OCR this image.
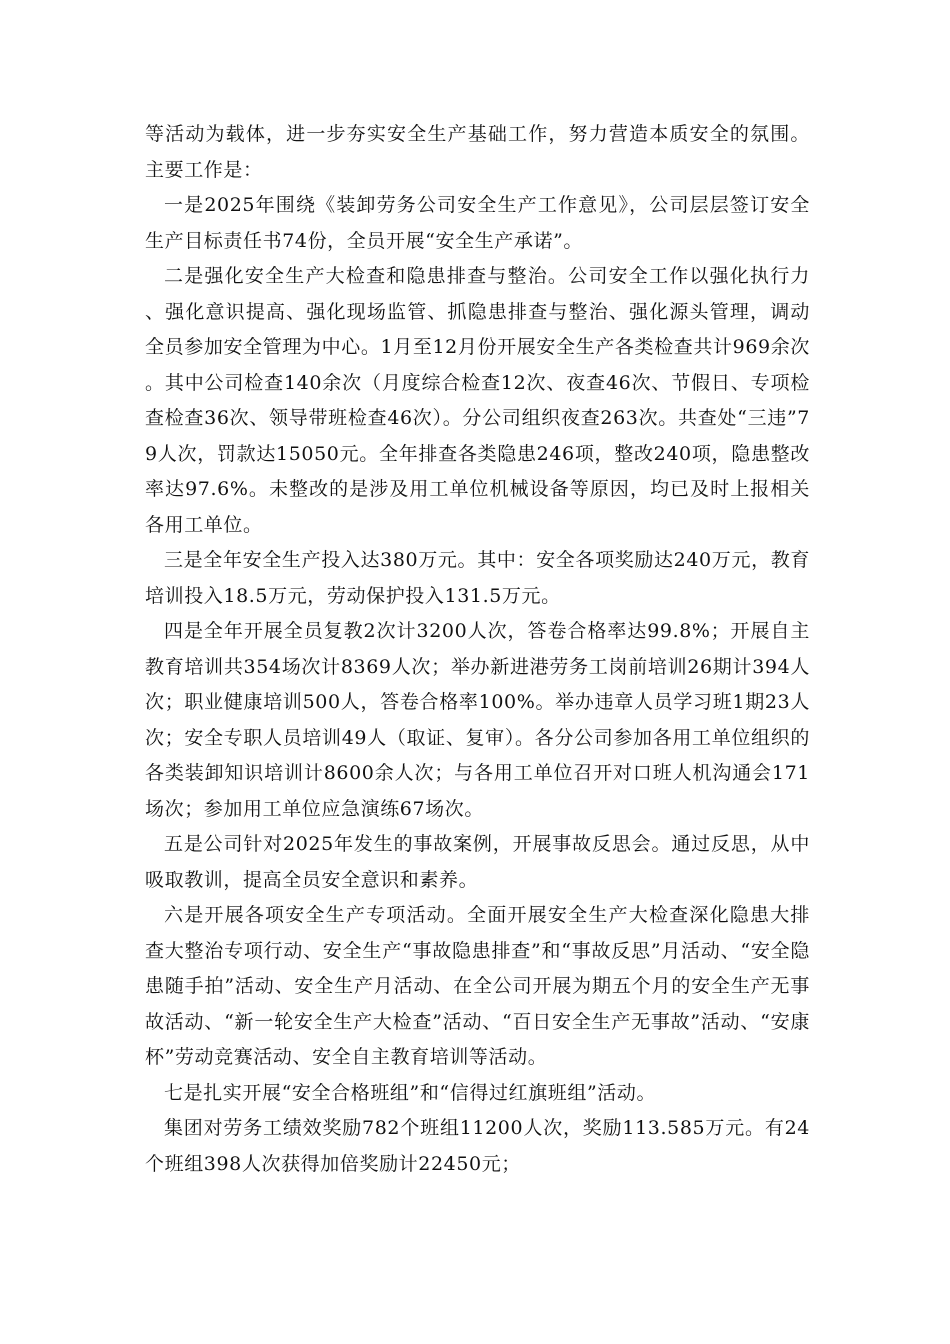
等活动为载体，进一步夯实安全生产基础工作，努力营造本质安全的氛围。主要工作是：

一是2025年围绕《装卸劳务公司安全生产工作意见》，公司层层签订安全生产目标责任书74份，全员开展“安全生产承诺”。

二是强化安全生产大检查和隐患排查与整治。公司安全工作以强化执行力、强化意识提高、强化现场监管、抓隐患排查与整治、强化源头管理，调动全员参加安全管理为中心。1月至12月份开展安全生产各类检查共计969余次。其中公司检查140余次（月度综合检查12次、夜查46次、节假日、专项检查检查36次、领导带班检查46次）。分公司组织夜查263次。共查处“三违”79人次，罚款达15050元。全年排查各类隐患246项，整改240项，隐患整改率达97.6%。未整改的是涉及用工单位机械设备等原因，均已及时上报相关各用工单位。

三是全年安全生产投入达380万元。其中：安全各项奖励达240万元，教育培训投入18.5万元，劳动保护投入131.5万元。

四是全年开展全员复教2次计3200人次，答卷合格率达99.8%；开展自主教育培训共354场次计8369人次；举办新进港劳务工岗前培训26期计394人次；职业健康培训500人，答卷合格率100%。举办违章人员学习班1期23人次；安全专职人员培训49人（取证、复审）。各分公司参加各用工单位组织的各类装卸知识培训计8600余人次；与各用工单位召开对口班人机沟通会171场次；参加用工单位应急演练67场次。

五是公司针对2025年发生的事故案例，开展事故反思会。通过反思，从中吸取教训，提高全员安全意识和素养。

六是开展各项安全生产专项活动。全面开展安全生产大检查深化隐患大排查大整治专项行动、安全生产“事故隐患排查”和“事故反思”月活动、“安全隐患随手拍”活动、安全生产月活动、在全公司开展为期五个月的安全生产无事故活动、“新一轮安全生产大检查”活动、“百日安全生产无事故”活动、“安康杯”劳动竞赛活动、安全自主教育培训等活动。

七是扎实开展“安全合格班组”和“信得过红旗班组”活动。

集团对劳务工绩效奖励782个班组11200人次，奖励113.585万元。有24个班组398人次获得加倍奖励计22450元；
